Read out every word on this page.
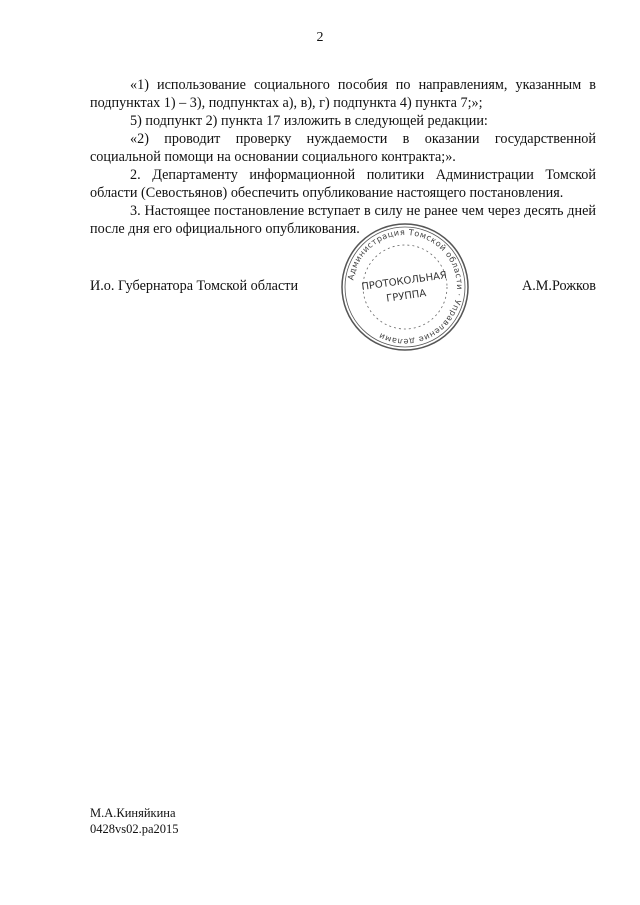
2

«1) использование социального пособия по направлениям, указанным в подпунктах 1) – 3), подпунктах а), в), г) подпункта 4) пункта 7;»;

5) подпункт 2) пункта 17 изложить в следующей редакции:

«2) проводит проверку нуждаемости в оказании государственной социальной помощи на основании социального контракта;».

2. Департаменту информационной политики Администрации Томской области (Севостьянов) обеспечить опубликование настоящего постановления.

3. Настоящее постановление вступает в силу не ранее чем через десять дней после дня его официального опубликования.

И.о. Губернатора Томской области	А.М.Рожков
Администрация Томской области · Управление делами
ПРОТОКОЛЬНАЯ
ГРУППА
М.А.Киняйкина
0428vs02.pa2015
